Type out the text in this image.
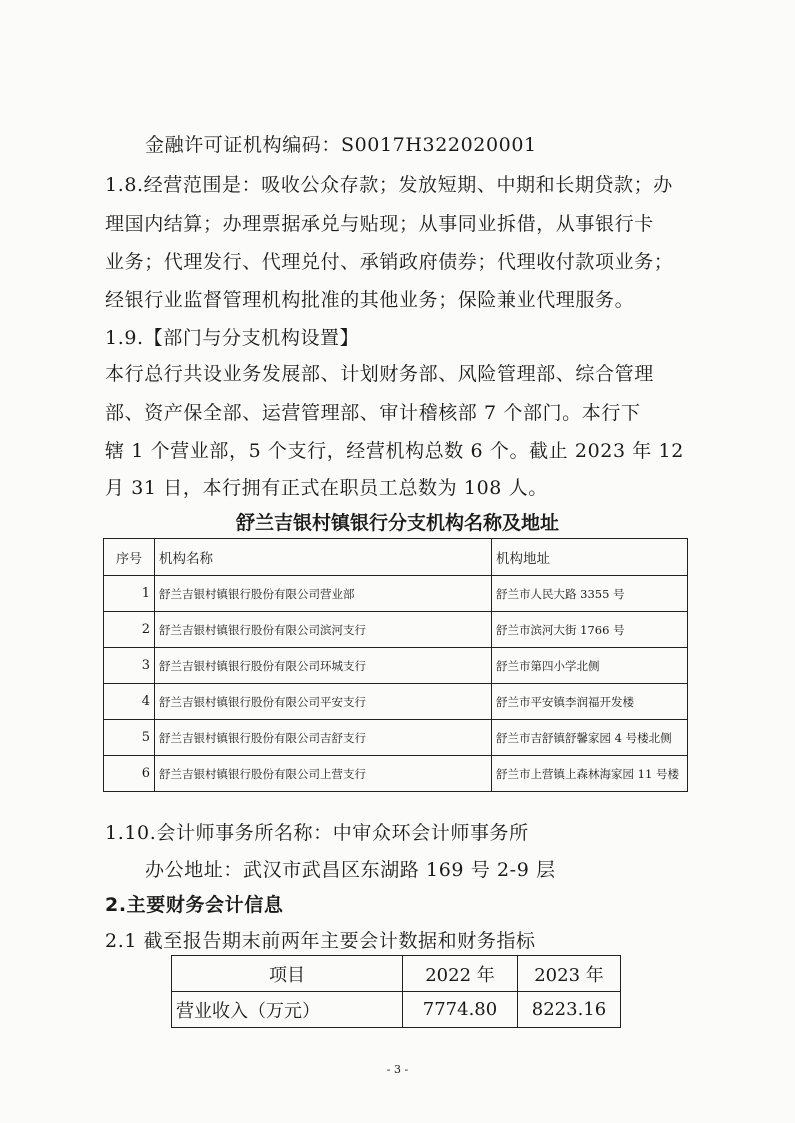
金融许可证机构编码：S0017H322020001
1.8.经营范围是：吸收公众存款；发放短期、中期和长期贷款；办
理国内结算；办理票据承兑与贴现；从事同业拆借，从事银行卡
业务；代理发行、代理兑付、承销政府债券；代理收付款项业务；
经银行业监督管理机构批准的其他业务；保险兼业代理服务。
1.9.【部门与分支机构设置】
本行总行共设业务发展部、计划财务部、风险管理部、综合管理
部、资产保全部、运营管理部、审计稽核部 7 个部门。本行下
辖 1 个营业部，5 个支行，经营机构总数 6 个。截止 2023 年 12
月 31 日，本行拥有正式在职员工总数为 108 人。
舒兰吉银村镇银行分支机构名称及地址
序号	机构名称	机构地址
1	舒兰吉银村镇银行股份有限公司营业部	舒兰市人民大路 3355 号
2	舒兰吉银村镇银行股份有限公司滨河支行	舒兰市滨河大街 1766 号
3	舒兰吉银村镇银行股份有限公司环城支行	舒兰市第四小学北侧
4	舒兰吉银村镇银行股份有限公司平安支行	舒兰市平安镇李润福开发楼
5	舒兰吉银村镇银行股份有限公司吉舒支行	舒兰市吉舒镇舒馨家园 4 号楼北侧
6	舒兰吉银村镇银行股份有限公司上营支行	舒兰市上营镇上森林海家园 11 号楼
1.10.会计师事务所名称：中审众环会计师事务所
办公地址：武汉市武昌区东湖路 169 号 2-9 层
2.主要财务会计信息
2.1 截至报告期末前两年主要会计数据和财务指标
项目	2022 年	2023 年
营业收入（万元）	7774.80	8223.16
- 3 -
